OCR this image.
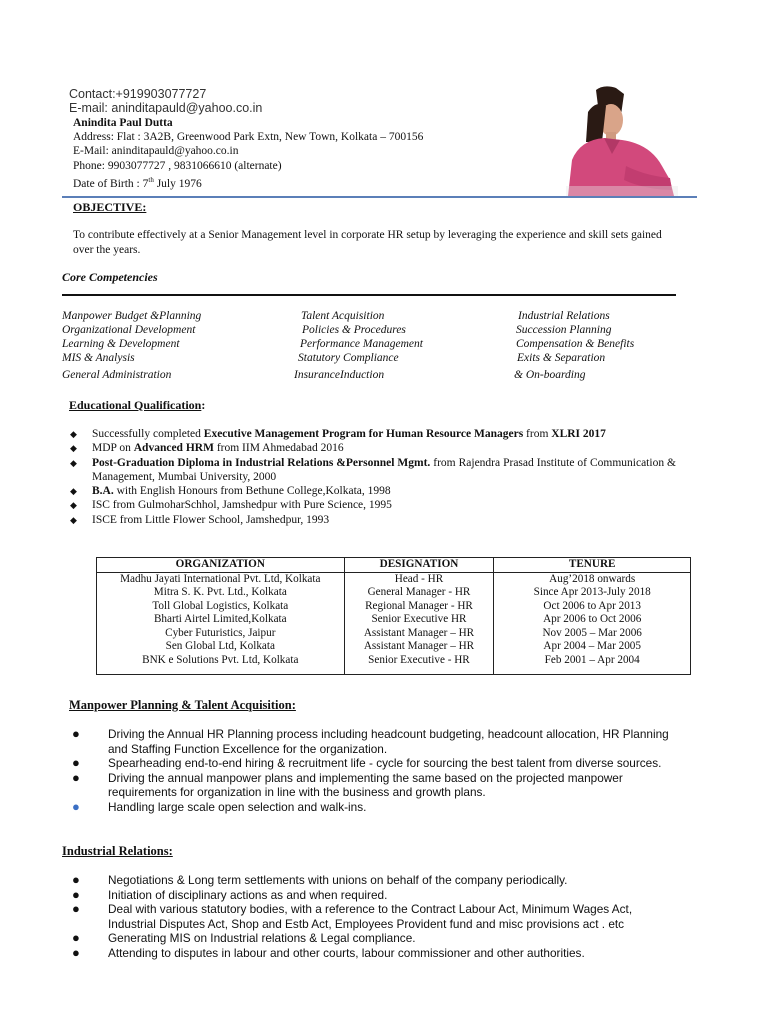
Contact:+919903077727
E-mail: aninditapauld@yahoo.co.in
Anindita Paul Dutta
Address: Flat : 3A2B, Greenwood Park Extn, New Town, Kolkata – 700156
E-Mail: aninditapauld@yahoo.co.in
Phone: 9903077727 , 9831066610 (alternate)
Date of Birth : 7th July 1976
OBJECTIVE:
To contribute effectively at a Senior Management level in corporate HR setup by leveraging the experience and skill sets gained over the years.
Core Competencies
Manpower Budget &Planning	Talent Acquisition	Industrial Relations
Organizational Development	Policies & Procedures	Succession Planning
Learning & Development	Performance Management	Compensation & Benefits
MIS & Analysis	Statutory Compliance	Exits & Separation
General Administration	InsuranceInduction	& On-boarding
Educational Qualification:
◆ Successfully completed Executive Management Program for Human Resource Managers from XLRI 2017
◆ MDP on Advanced HRM from IIM Ahmedabad 2016
◆ Post-Graduation Diploma in Industrial Relations &Personnel Mgmt. from Rajendra Prasad Institute of Communication & Management, Mumbai University, 2000
◆ B.A. with English Honours from Bethune College,Kolkata, 1998
◆ ISC from GulmoharSchhol, Jamshedpur with Pure Science, 1995
◆ ISCE from Little Flower School, Jamshedpur, 1993
ORGANIZATION	DESIGNATION	TENURE
Madhu Jayati International Pvt. Ltd, Kolkata	Head - HR	Aug’2018 onwards
Mitra S. K. Pvt. Ltd., Kolkata	General Manager - HR	Since Apr 2013-July 2018
Toll Global Logistics, Kolkata	Regional Manager - HR	Oct 2006 to Apr 2013
Bharti Airtel Limited,Kolkata	Senior Executive HR	Apr 2006 to Oct 2006
Cyber Futuristics, Jaipur	Assistant Manager – HR	Nov 2005 – Mar 2006
Sen Global Ltd, Kolkata	Assistant Manager – HR	Apr 2004 – Mar 2005
BNK e Solutions Pvt. Ltd, Kolkata	Senior Executive - HR	Feb 2001 – Apr 2004
Manpower Planning & Talent Acquisition:
● Driving the Annual HR Planning process including headcount budgeting, headcount allocation, HR Planning and Staffing Function Excellence for the organization.
● Spearheading end-to-end hiring & recruitment life - cycle for sourcing the best talent from diverse sources.
● Driving the annual manpower plans and implementing the same based on the projected manpower requirements for organization in line with the business and growth plans.
● Handling large scale open selection and walk-ins.
Industrial Relations:
● Negotiations & Long term settlements with unions on behalf of the company periodically.
● Initiation of disciplinary actions as and when required.
● Deal with various statutory bodies, with a reference to the Contract Labour Act, Minimum Wages Act, Industrial Disputes Act, Shop and Estb Act, Employees Provident fund and misc provisions act . etc
● Generating MIS on Industrial relations & Legal compliance.
● Attending to disputes in labour and other courts, labour commissioner and other authorities.
